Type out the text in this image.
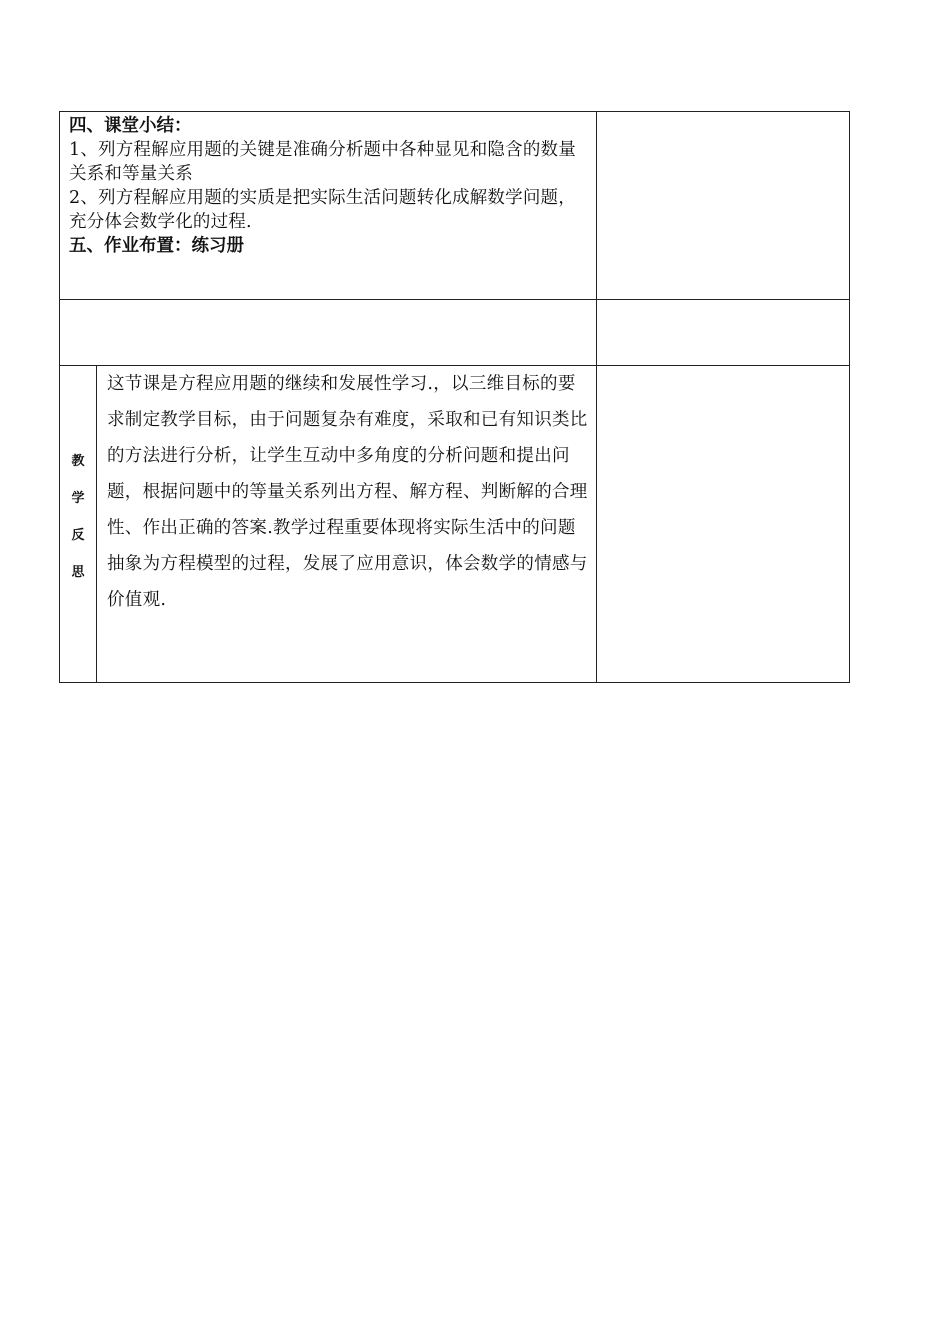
四、课堂小结：

1、列方程解应用题的关键是准确分析题中各种显见和隐含的数量关系和等量关系

2、列方程解应用题的实质是把实际生活问题转化成解数学问题，充分体会数学化的过程.

五、作业布置：练习册

教
学
反
思
	这节课是方程应用题的继续和发展性学习.，以三维目标的要求制定教学目标，由于问题复杂有难度，采取和已有知识类比的方法进行分析，让学生互动中多角度的分析问题和提出问题，根据问题中的等量关系列出方程、解方程、判断解的合理性、作出正确的答案.教学过程重要体现将实际生活中的问题抽象为方程模型的过程，发展了应用意识，体会数学的情感与价值观.
